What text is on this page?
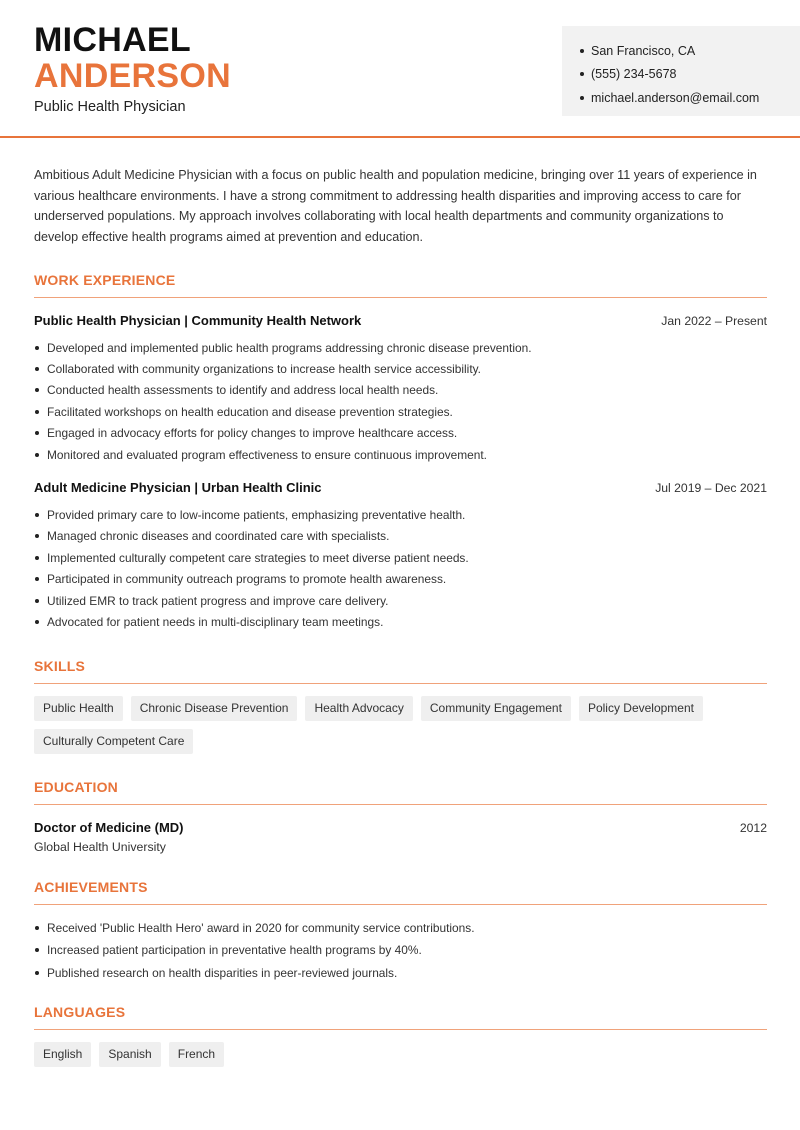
MICHAEL
ANDERSON
Public Health Physician
San Francisco, CA
(555) 234-5678
michael.anderson@email.com

Ambitious Adult Medicine Physician with a focus on public health and population medicine, bringing over 11 years of experience in various healthcare environments. I have a strong commitment to addressing health disparities and improving access to care for underserved populations. My approach involves collaborating with local health departments and community organizations to develop effective health programs aimed at prevention and education.

WORK EXPERIENCE
Public Health Physician | Community Health Network	Jan 2022 – Present
Developed and implemented public health programs addressing chronic disease prevention.
Collaborated with community organizations to increase health service accessibility.
Conducted health assessments to identify and address local health needs.
Facilitated workshops on health education and disease prevention strategies.
Engaged in advocacy efforts for policy changes to improve healthcare access.
Monitored and evaluated program effectiveness to ensure continuous improvement.
Adult Medicine Physician | Urban Health Clinic	Jul 2019 – Dec 2021
Provided primary care to low-income patients, emphasizing preventative health.
Managed chronic diseases and coordinated care with specialists.
Implemented culturally competent care strategies to meet diverse patient needs.
Participated in community outreach programs to promote health awareness.
Utilized EMR to track patient progress and improve care delivery.
Advocated for patient needs in multi-disciplinary team meetings.
SKILLS
Public Health	Chronic Disease Prevention	Health Advocacy	Community Engagement	Policy Development
Culturally Competent Care
EDUCATION
Doctor of Medicine (MD)	2012
Global Health University
ACHIEVEMENTS
Received 'Public Health Hero' award in 2020 for community service contributions.
Increased patient participation in preventative health programs by 40%.
Published research on health disparities in peer-reviewed journals.
LANGUAGES
English	Spanish	French
